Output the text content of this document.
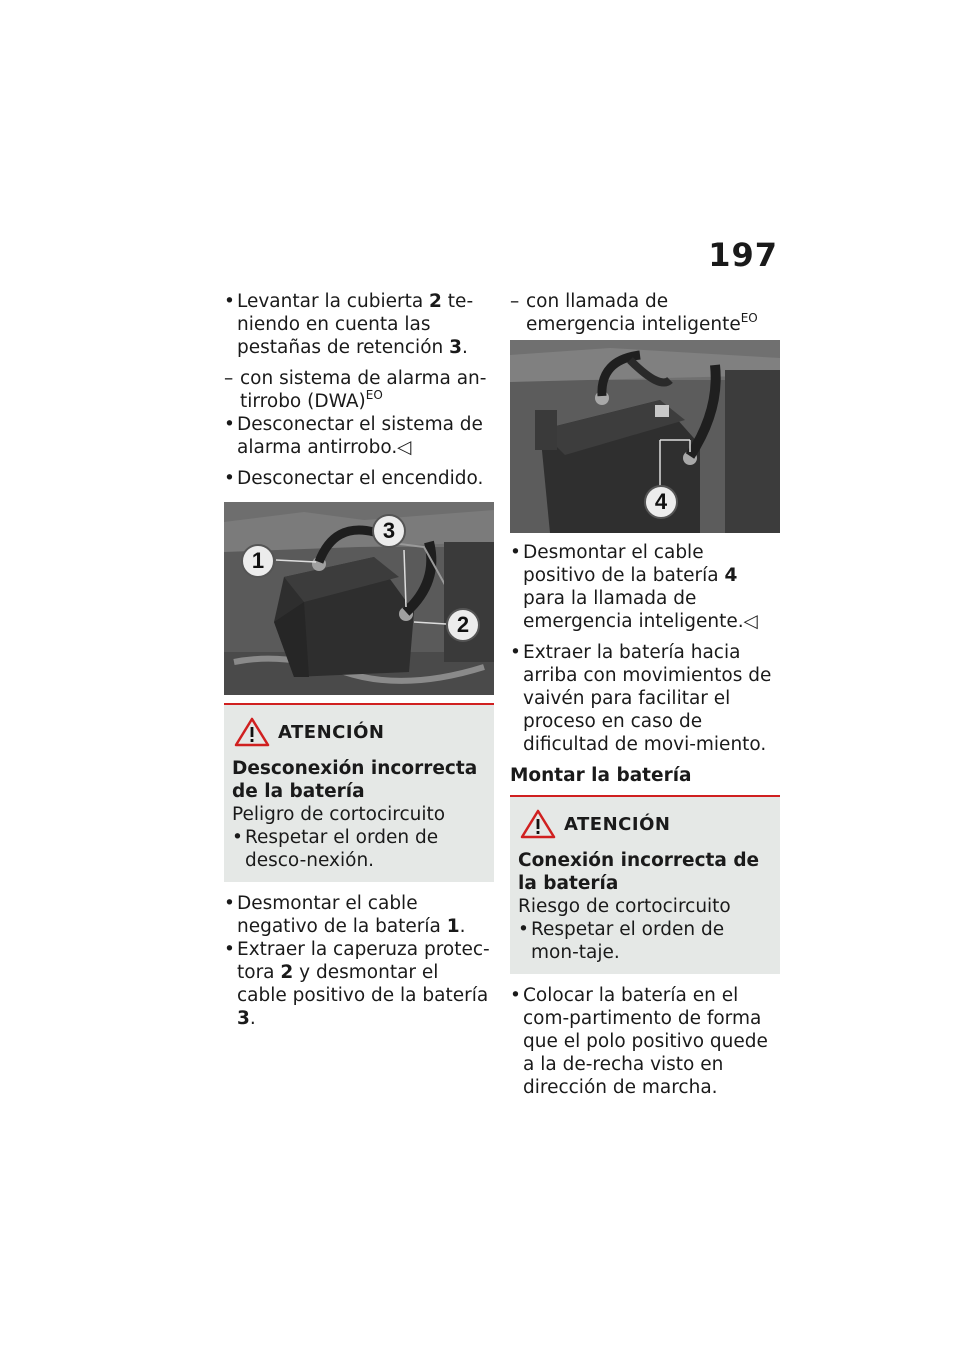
197
• Levantar la cubierta 2 te-niendo en cuenta las pestañas de retención 3.
– con sistema de alarma an-tirrobo (DWA)$^{EO}$
• Desconectar el sistema de alarma antirrobo.◁
• Desconectar el encendido.
1
3
2
ATENCIÓN
Desconexión incorrecta de la batería
Peligro de cortocircuito
• Respetar el orden de desco-nexión.
• Desmontar el cable negativo de la batería 1.
• Extraer la caperuza protec-tora 2 y desmontar el cable positivo de la batería 3.
– con llamada de emergencia inteligente$^{EO}$
4
• Desmontar el cable positivo de la batería 4 para la llamada de emergencia inteligente.◁
• Extraer la batería hacia arriba con movimientos de vaivén para facilitar el proceso en caso de dificultad de movi-miento.
Montar la batería
ATENCIÓN
Conexión incorrecta de la batería
Riesgo de cortocircuito
• Respetar el orden de mon-taje.
• Colocar la batería en el com-partimento de forma que el polo positivo quede a la de-recha visto en dirección de marcha.
